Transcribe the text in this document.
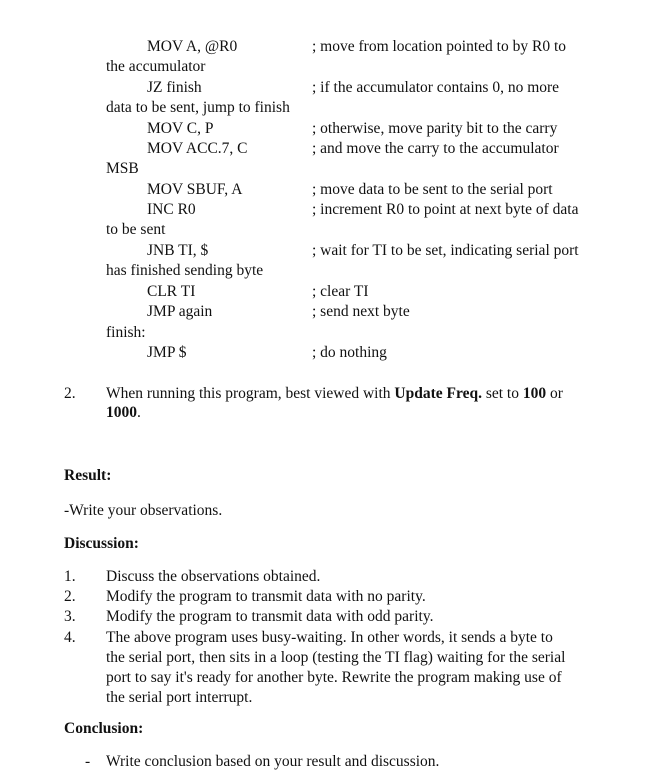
MOV A, @R0	; move from location pointed to by R0 to
the accumulator
JZ finish	; if the accumulator contains 0, no more
data to be sent, jump to finish
MOV C, P	; otherwise, move parity bit to the carry
MOV ACC.7, C	; and move the carry to the accumulator
MSB
MOV SBUF, A	; move data to be sent to the serial port
INC R0	; increment R0 to point at next byte of data
to be sent
JNB TI, $	; wait for TI to be set, indicating serial port
has finished sending byte
CLR TI	; clear TI
JMP again	; send next byte
finish:
JMP $	; do nothing
2. When running this program, best viewed with Update Freq. set to 100 or
1000.
Result:
-Write your observations.
Discussion:
1. Discuss the observations obtained.
2. Modify the program to transmit data with no parity.
3. Modify the program to transmit data with odd parity.
4. The above program uses busy-waiting. In other words, it sends a byte to
the serial port, then sits in a loop (testing the TI flag) waiting for the serial
port to say it's ready for another byte. Rewrite the program making use of
the serial port interrupt.
Conclusion:
- Write conclusion based on your result and discussion.
